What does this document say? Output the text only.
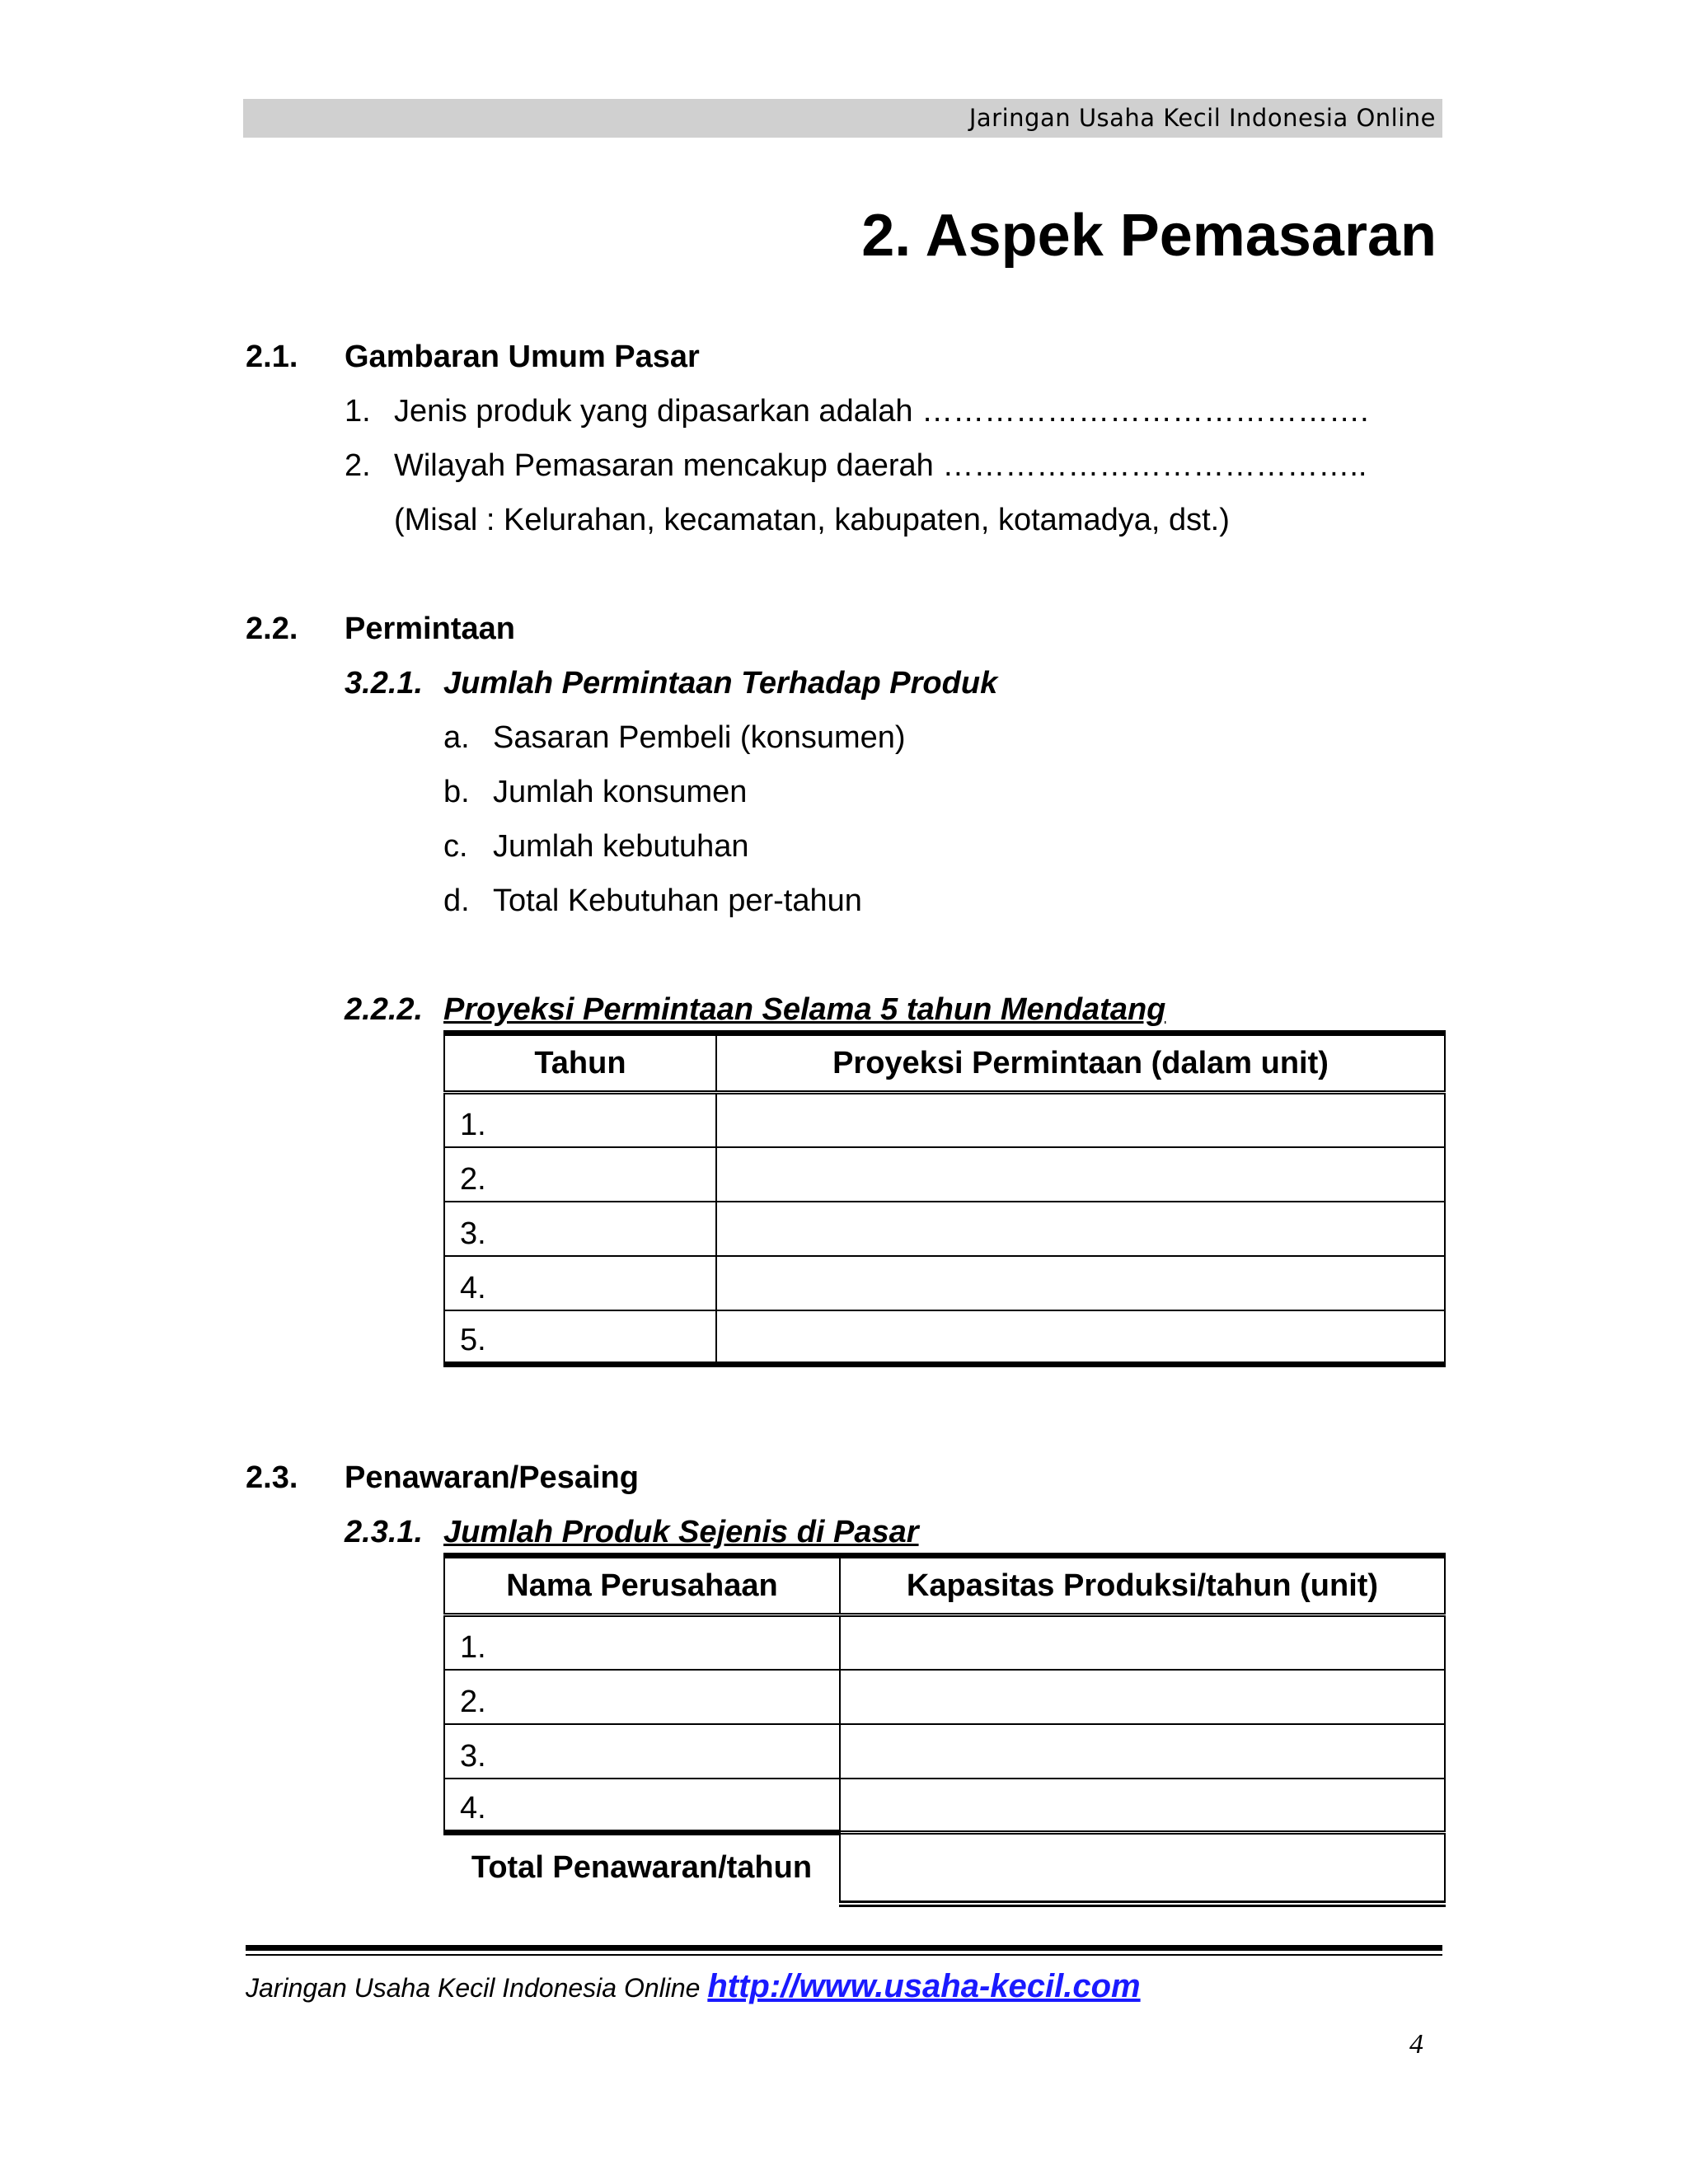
Jaringan Usaha Kecil Indonesia Online
2. Aspek Pemasaran
2.1. Gambaran Umum Pasar
1. Jenis produk yang dipasarkan adalah …………………………………….
2. Wilayah Pemasaran mencakup daerah …………………………………..
(Misal : Kelurahan, kecamatan, kabupaten, kotamadya, dst.)
2.2. Permintaan
3.2.1. Jumlah Permintaan Terhadap Produk
a. Sasaran Pembeli (konsumen)
b. Jumlah konsumen
c. Jumlah kebutuhan
d. Total Kebutuhan per-tahun
2.2.2. Proyeksi Permintaan Selama 5 tahun Mendatang
Tahun	Proyeksi Permintaan (dalam unit)
1.	
2.	
3.	
4.	
5.	
2.3. Penawaran/Pesaing
2.3.1. Jumlah Produk Sejenis di Pasar
Nama Perusahaan	Kapasitas Produksi/tahun (unit)
1.	
2.	
3.	
4.	
Total Penawaran/tahun	
Jaringan Usaha Kecil Indonesia Online http://www.usaha-kecil.com
4
